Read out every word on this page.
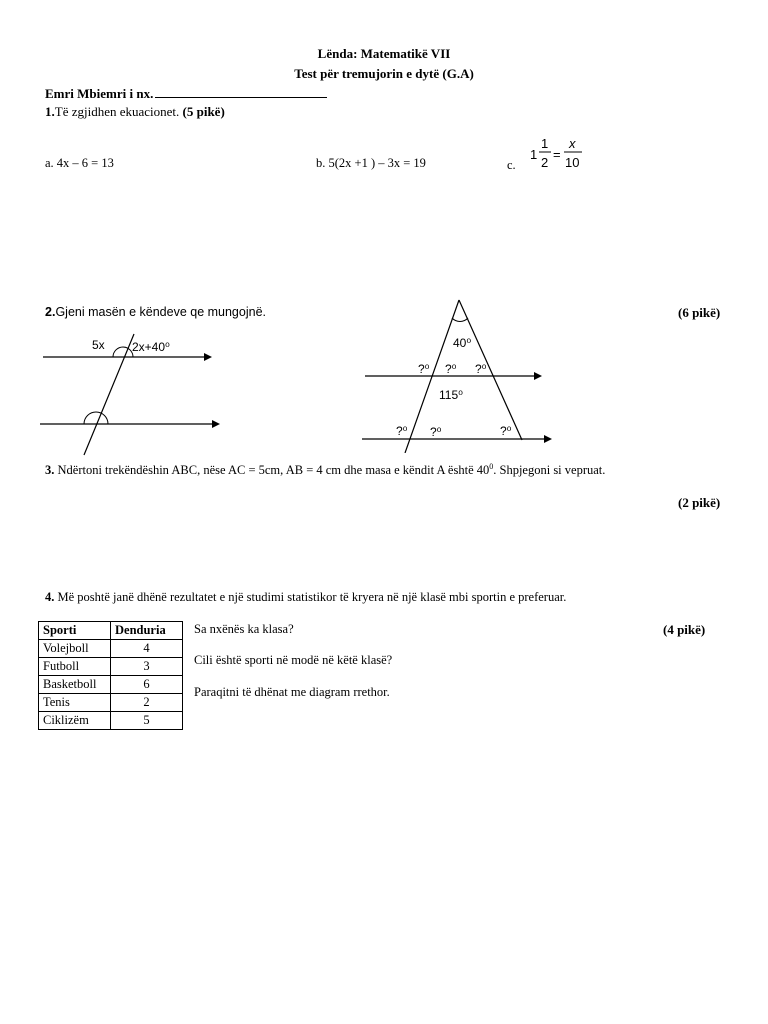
Lënda: Matematikë VII
Test për tremujorin e dytë (G.A)
Emri Mbiemri i nx.
1.Të zgjidhen ekuacionet. (5 pikë)
a. 4x – 6 = 13	b. 5(2x +1 ) – 3x = 19	c.
1
1
2
=
x
10
2.Gjeni masën e këndeve qe mungojnë.	(6 pikë)
5x 2x+40⁰	40⁰
?⁰ ?⁰ ?⁰
115⁰
?⁰ ?⁰	?⁰
3. Ndërtoni trekëndëshin ABC, nëse AC = 5cm, AB = 4 cm dhe masa e këndit A është $40^0$. Shpjegoni si vepruat.
(2 pikë)
4. Më poshtë janë dhënë rezultatet e një studimi statistikor të kryera në një klasë mbi sportin e preferuar.
(4 pikë)
Sporti	Denduria
Volejboll	4
Futboll	3
Basketboll	6
Tenis	2
Ciklizëm	5
Sa nxënës ka klasa?
Cili është sporti në modë në këtë klasë?
Paraqitni të dhënat me diagram rrethor.
